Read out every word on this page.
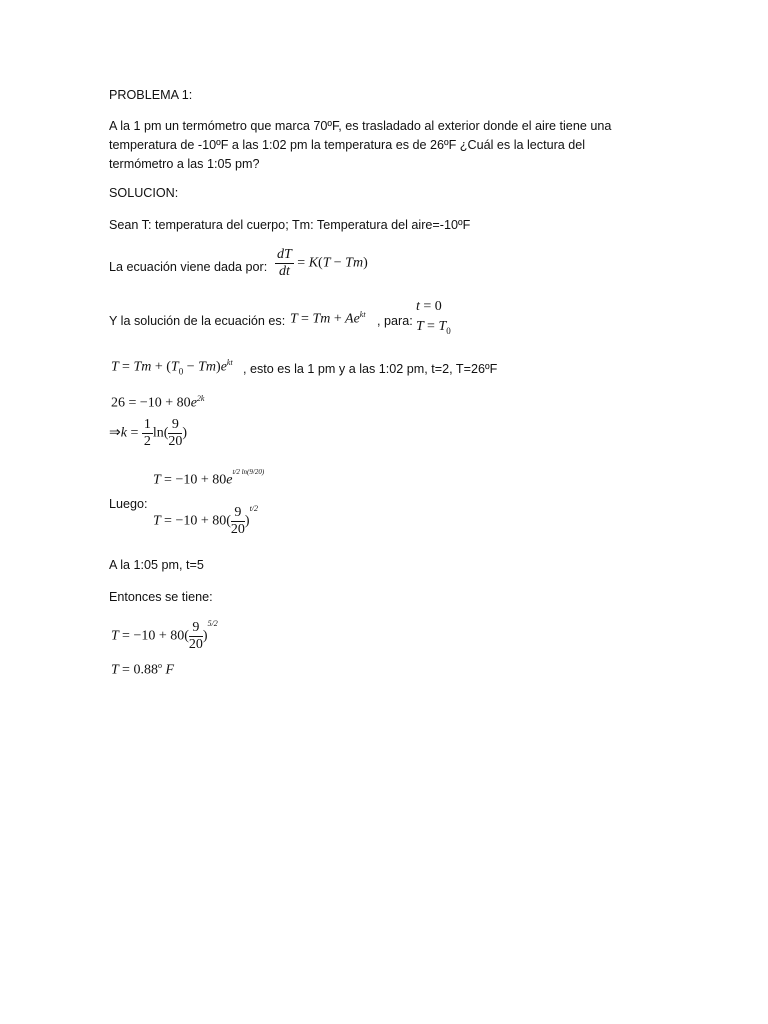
PROBLEMA 1:
A la 1 pm un termómetro que marca 70ºF, es trasladado al exterior donde el aire tiene una
temperatura de -10ºF a las 1:02 pm la temperatura es de 26ºF ¿Cuál es la lectura del
termómetro a las 1:05 pm?
SOLUCION:
Sean T: temperatura del cuerpo; Tm: Temperatura del aire=-10ºF
La ecuación viene dada por: $\frac{dT}{dt} = K(T - Tm)$
Y la solución de la ecuación es: $T = Tm + Ae^{kt}$ , para:
t = 0
$T = T_0$
$T = Tm + (T_0 - Tm)e^{kt}$ , esto es la 1 pm y a las 1:02 pm, t=2, T=26ºF
$26 = -10 + 80e^{2k}$
⇒k = $\frac{1}{2} \ln( \frac{9}{20}$ )
$T = -10 + 80e^{t/2 ln(9/20)}$
Luego:
$T = -10 + 80( \frac{9}{20} )^{t/2}$
A la 1:05 pm, t=5
Entonces se tiene:
$T = -10 + 80( \frac{9}{20} )^{5/2}$
$T = 0.88^o$ F
